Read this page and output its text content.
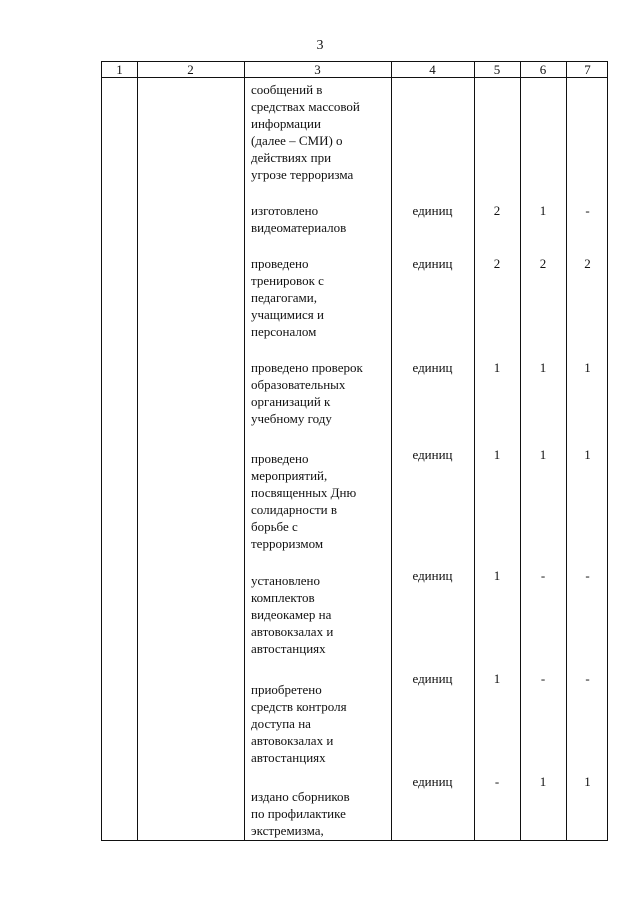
3
1	2	3	4	5	6	7
сообщений в
средствах массовой
информации
(далее – СМИ) о
действиях при
угрозе терроризма
изготовлено
видеоматериалов
единиц	2	1	-
проведено
тренировок с
педагогами,
учащимися и
персоналом
единиц	2	2	2
проведено проверок
образовательных
организаций к
учебному году
единиц	1	1	1
проведено
мероприятий,
посвященных Дню
солидарности в
борьбе с
терроризмом
единиц	1	1	1
установлено
комплектов
видеокамер на
автовокзалах и
автостанциях
единиц	1	-	-
приобретено
средств контроля
доступа на
автовокзалах и
автостанциях
единиц	1	-	-
издано сборников
по профилактике
экстремизма,
единиц	-	1	1
